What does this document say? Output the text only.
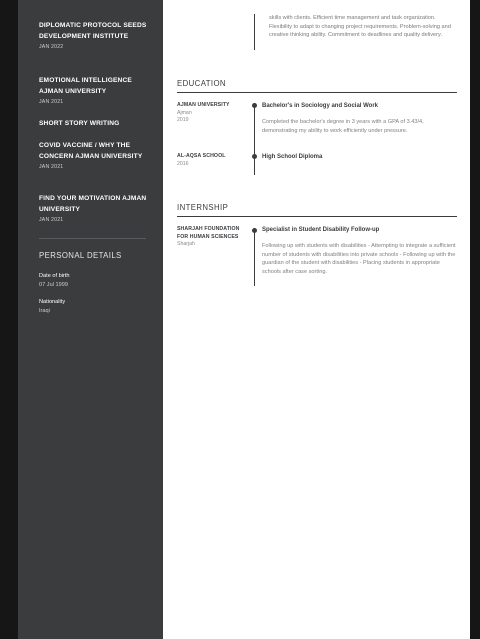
DIPLOMATIC PROTOCOL SEEDS DEVELOPMENT INSTITUTE
JAN 2022
EMOTIONAL INTELLIGENCE AJMAN UNIVERSITY
JAN 2021
SHORT STORY WRITING
COVID VACCINE / WHY THE CONCERN AJMAN UNIVERSITY
JAN 2021
FIND YOUR MOTIVATION AJMAN UNIVERSITY
JAN 2021
PERSONAL DETAILS
Date of birth
07 Jul 1999
Nationality
Iraqi
skills with clients. Efficient time management and task organization. Flexibility to adapt to changing project requirements. Problem-solving and creative thinking ability. Commitment to deadlines and quality delivery.
EDUCATION
AJMAN UNIVERSITY
Ajman
2019
Bachelor's in Sociology and Social Work
Completed the bachelor's degree in 3 years with a GPA of 3.43/4, demonstrating my ability to work efficiently under pressure.
AL-AQSA SCHOOL
2016
High School Diploma
INTERNSHIP
SHARJAH FOUNDATION FOR HUMAN SCIENCES
Sharjah
Specialist in Student Disability Follow-up
Following up with students with disabilities - Attempting to integrate a sufficient number of students with disabilities into private schools - Following up with the guardian of the student with disabilities - Placing students in appropriate schools after case sorting.
